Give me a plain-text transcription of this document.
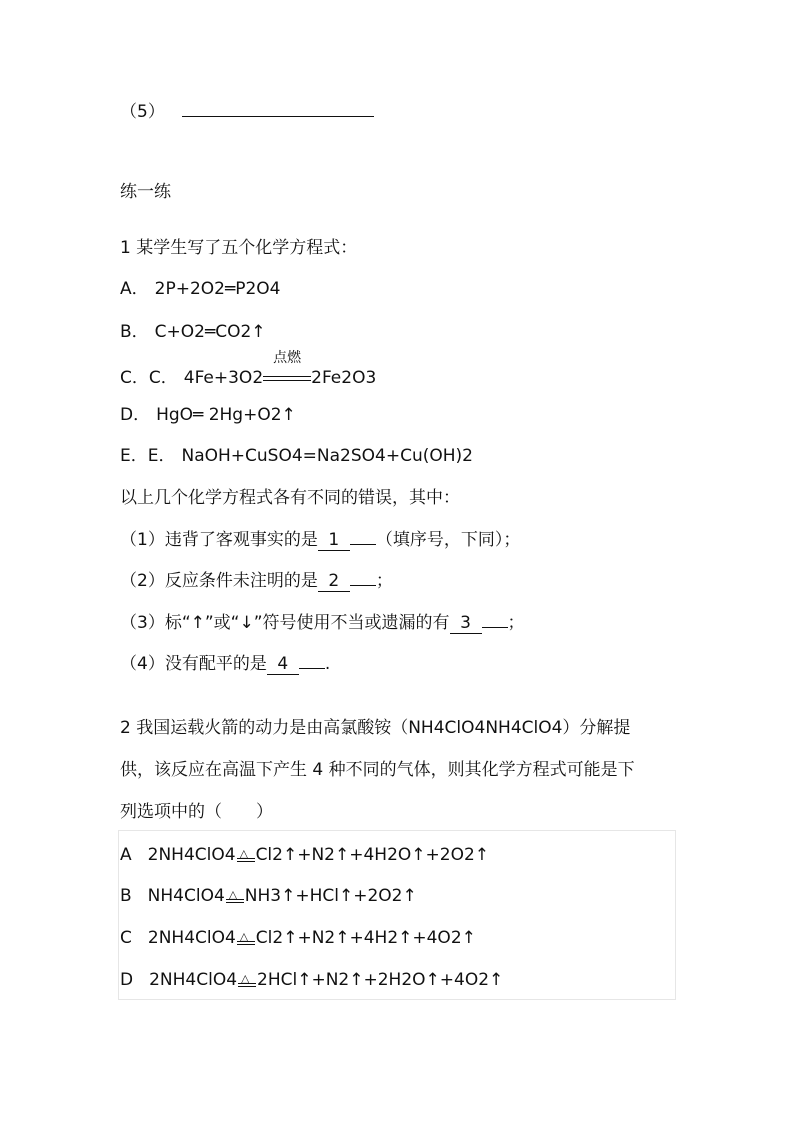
（5）
练一练
1 某学生写了五个化学方程式：
A． 2P+2O2═P2O4
B． C+O2═CO2↑
C．C． 4Fe+3O2
点燃
2Fe2O3
D． HgO═ 2Hg+O2↑
E．E． NaOH+CuSO4=Na2SO4+Cu(OH)2
以上几个化学方程式各有不同的错误，其中：
（1）违背了客观事实的是 1 （填序号，下同）；
（2）反应条件未注明的是 2 ；
（3）标“↑”或“↓”符号使用不当或遗漏的有 3 ；
（4）没有配平的是 4 .
2 我国运载火箭的动力是由高氯酸铵（NH4ClO4NH4ClO4）分解提
供，该反应在高温下产生 4 种不同的气体，则其化学方程式可能是下
列选项中的（　　）
A 2NH4ClO4 △ Cl2↑+N2↑+4H2O↑+2O2↑
B NH4ClO4 △ NH3↑+HCl↑+2O2↑
C 2NH4ClO4 △ Cl2↑+N2↑+4H2↑+4O2↑
D 2NH4ClO4 △ 2HCl↑+N2↑+2H2O↑+4O2↑
